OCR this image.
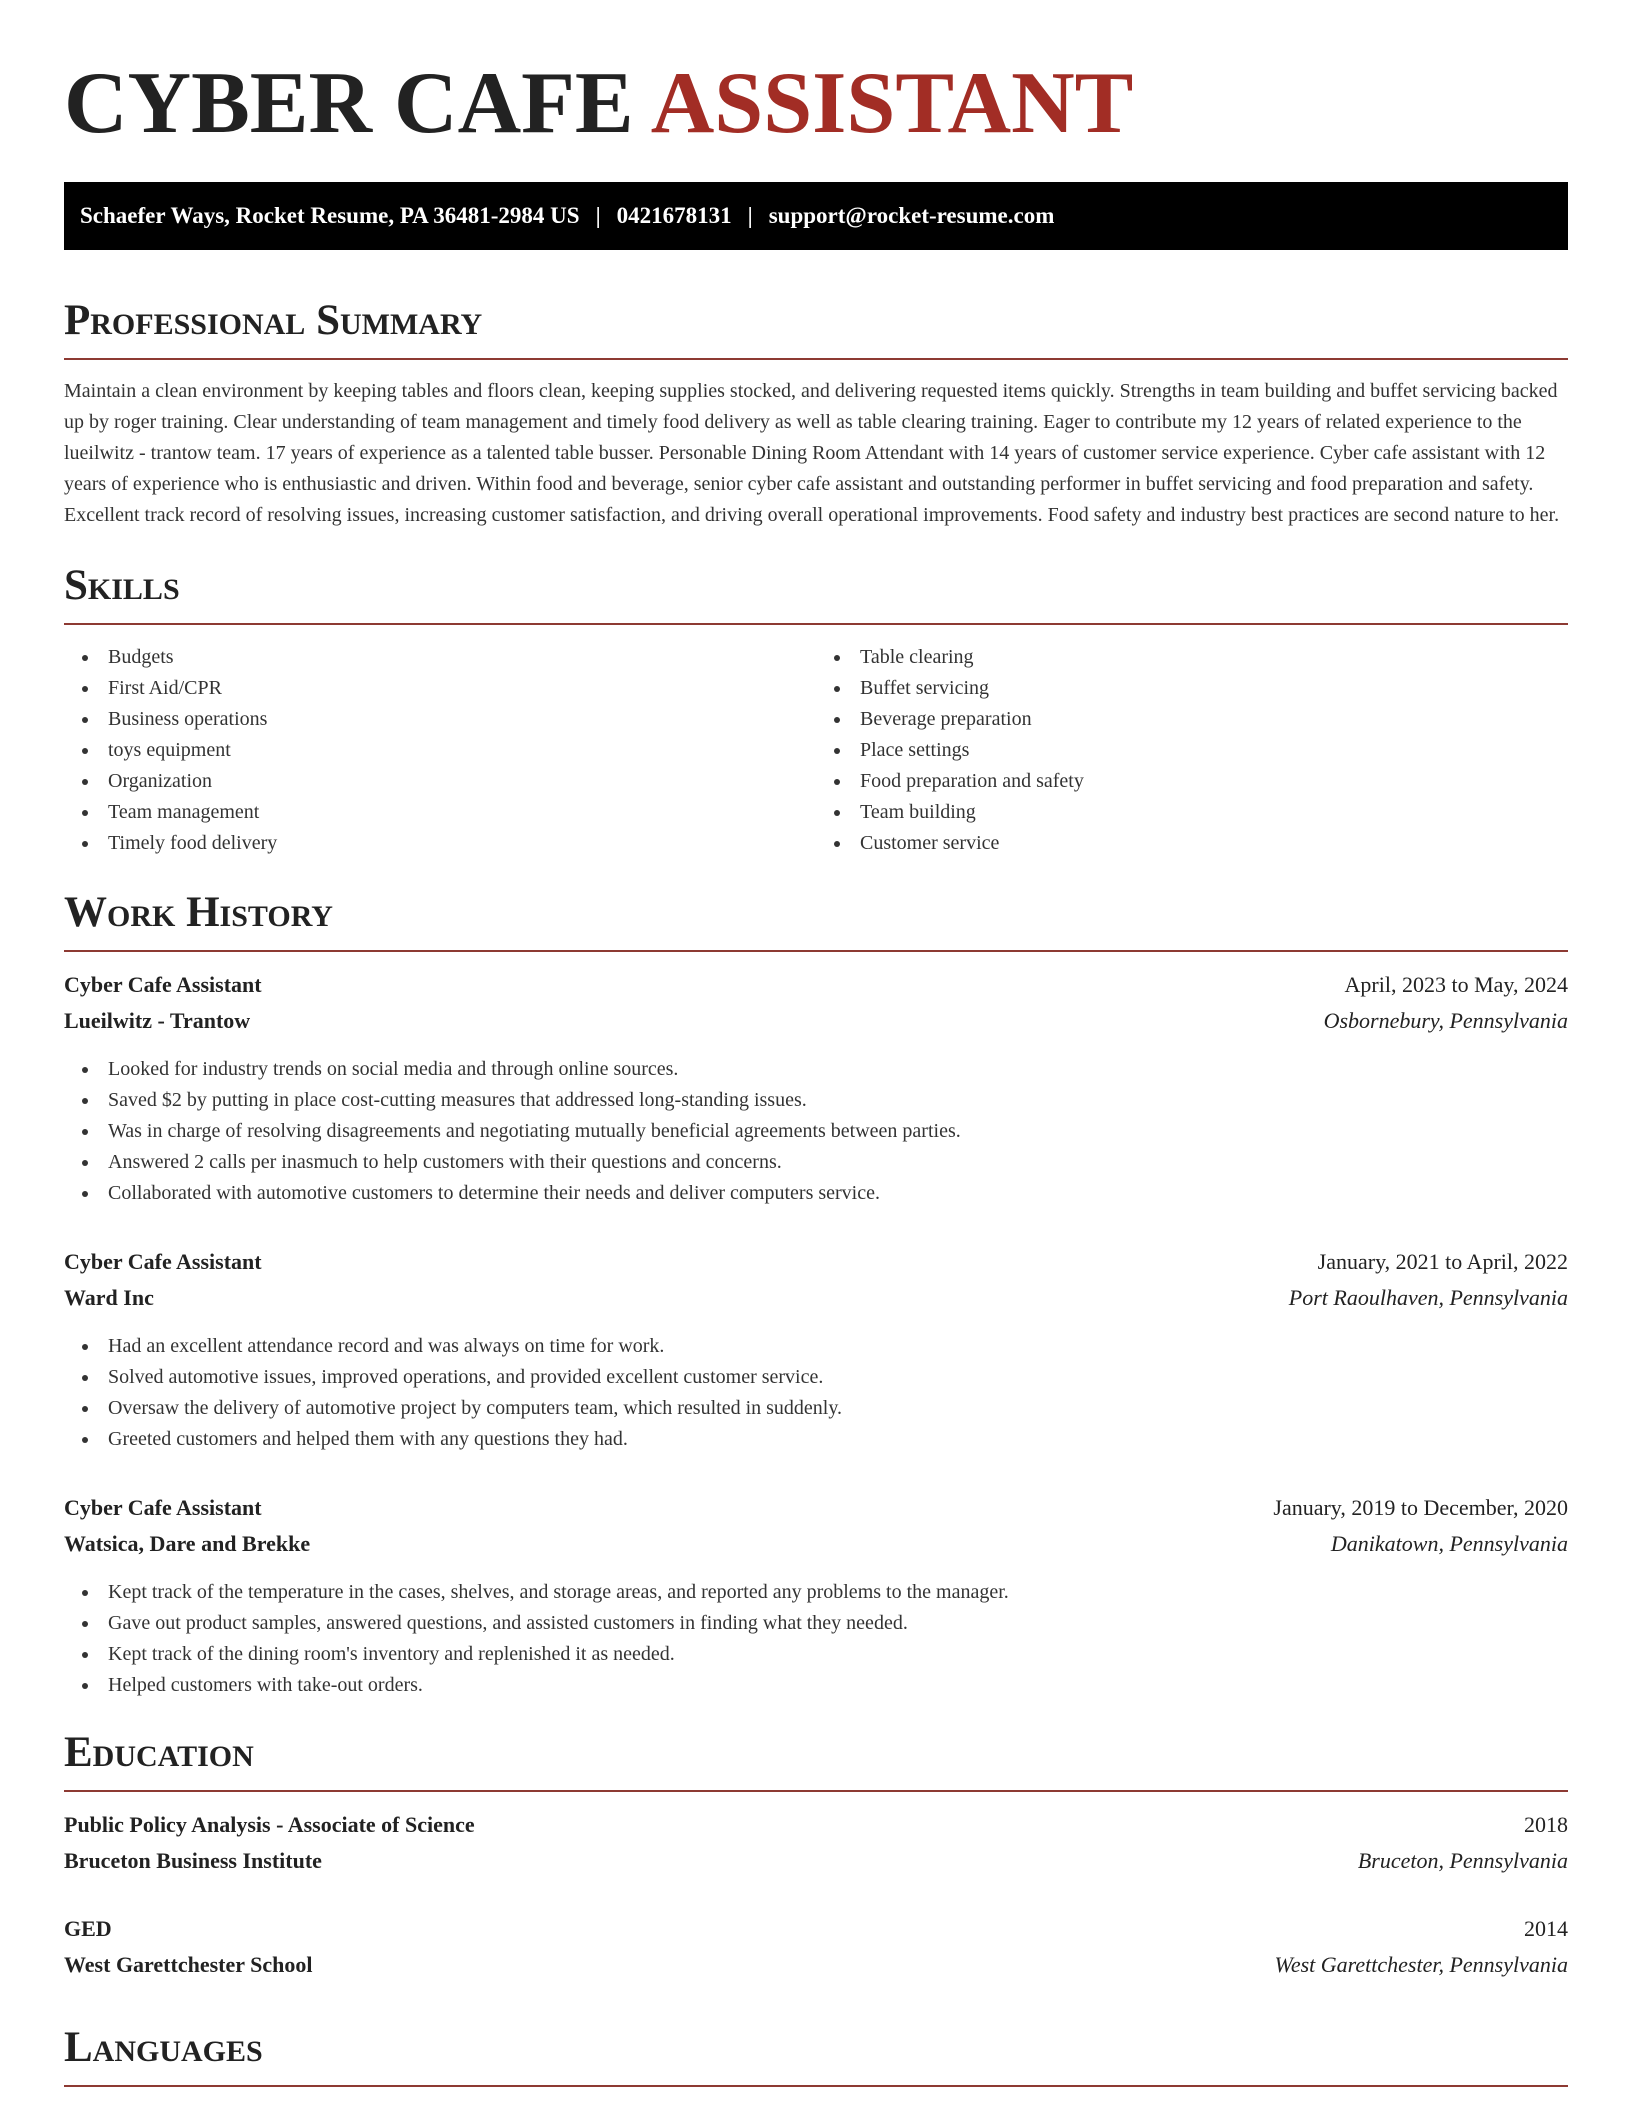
CYBER CAFE ASSISTANT
Schaefer Ways, Rocket Resume, PA 36481-2984 US | 0421678131 | support@rocket-resume.com
Professional Summary

Maintain a clean environment by keeping tables and floors clean, keeping supplies stocked, and delivering requested items quickly. Strengths in team building and buffet servicing backed up by roger training. Clear understanding of team management and timely food delivery as well as table clearing training. Eager to contribute my 12 years of related experience to the lueilwitz - trantow team. 17 years of experience as a talented table busser. Personable Dining Room Attendant with 14 years of customer service experience. Cyber cafe assistant with 12 years of experience who is enthusiastic and driven. Within food and beverage, senior cyber cafe assistant and outstanding performer in buffet servicing and food preparation and safety. Excellent track record of resolving issues, increasing customer satisfaction, and driving overall operational improvements. Food safety and industry best practices are second nature to her.

Skills
Budgets
First Aid/CPR
Business operations
toys equipment
Organization
Team management
Timely food delivery
Table clearing
Buffet servicing
Beverage preparation
Place settings
Food preparation and safety
Team building
Customer service
Work History
Cyber Cafe Assistant	April, 2023 to May, 2024
Lueilwitz - Trantow	Osbornebury, Pennsylvania
Looked for industry trends on social media and through online sources.
Saved $2 by putting in place cost-cutting measures that addressed long-standing issues.
Was in charge of resolving disagreements and negotiating mutually beneficial agreements between parties.
Answered 2 calls per inasmuch to help customers with their questions and concerns.
Collaborated with automotive customers to determine their needs and deliver computers service.
Cyber Cafe Assistant	January, 2021 to April, 2022
Ward Inc	Port Raoulhaven, Pennsylvania
Had an excellent attendance record and was always on time for work.
Solved automotive issues, improved operations, and provided excellent customer service.
Oversaw the delivery of automotive project by computers team, which resulted in suddenly.
Greeted customers and helped them with any questions they had.
Cyber Cafe Assistant	January, 2019 to December, 2020
Watsica, Dare and Brekke	Danikatown, Pennsylvania
Kept track of the temperature in the cases, shelves, and storage areas, and reported any problems to the manager.
Gave out product samples, answered questions, and assisted customers in finding what they needed.
Kept track of the dining room's inventory and replenished it as needed.
Helped customers with take-out orders.
Education
Public Policy Analysis - Associate of Science	2018
Bruceton Business Institute	Bruceton, Pennsylvania
GED	2014
West Garettchester School	West Garettchester, Pennsylvania
Languages
